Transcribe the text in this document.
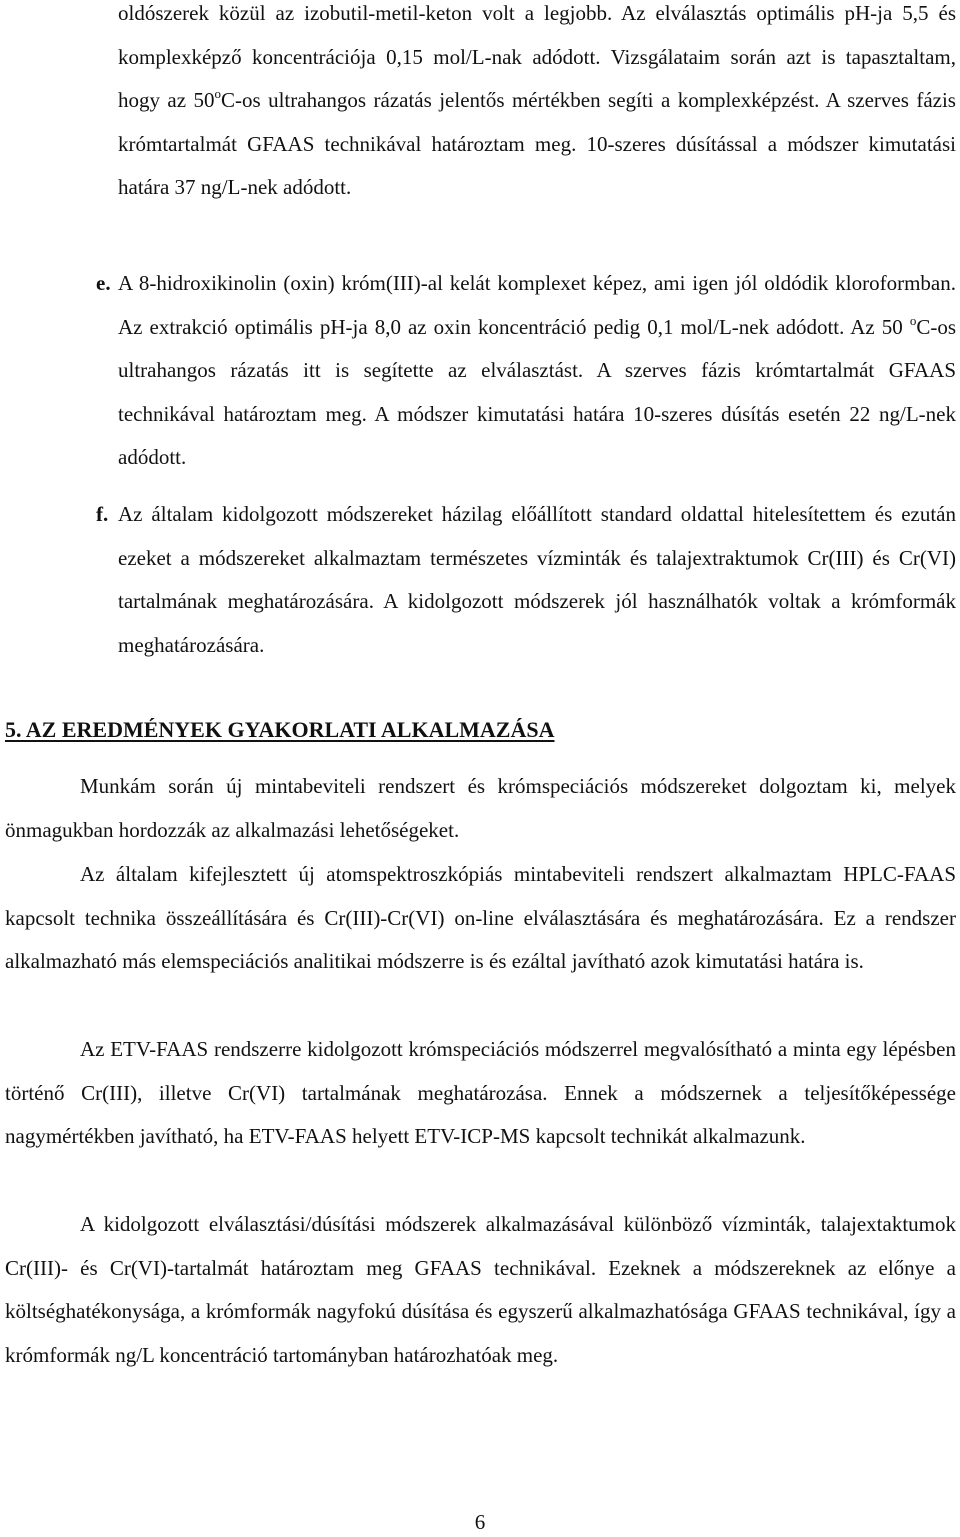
oldószerek közül az izobutil-metil-keton volt a legjobb. Az elválasztás optimális pH-ja 5,5 és komplexképző koncentrációja 0,15 mol/L-nak adódott. Vizsgálataim során azt is tapasztaltam, hogy az 50$^o$C-os ultrahangos rázatás jelentős mértékben segíti a komplexképzést. A szerves fázis krómtartalmát GFAAS technikával határoztam meg. 10-szeres dúsítással a módszer kimutatási határa 37 ng/L-nek adódott.

e. A 8-hidroxikinolin (oxin) króm(III)-al kelát komplexet képez, ami igen jól oldódik kloroformban. Az extrakció optimális pH-ja 8,0 az oxin koncentráció pedig 0,1 mol/L-nek adódott. Az 50 $^o$C-os ultrahangos rázatás itt is segítette az elválasztást. A szerves fázis krómtartalmát GFAAS technikával határoztam meg. A módszer kimutatási határa 10-szeres dúsítás esetén 22 ng/L-nek adódott.

f. Az általam kidolgozott módszereket házilag előállított standard oldattal hitelesítettem és ezután ezeket a módszereket alkalmaztam természetes vízminták és talajextraktumok Cr(III) és Cr(VI) tartalmának meghatározására. A kidolgozott módszerek jól használhatók voltak a krómformák meghatározására.

5. AZ EREDMÉNYEK GYAKORLATI ALKALMAZÁSA

Munkám során új mintabeviteli rendszert és krómspeciációs módszereket dolgoztam ki, melyek önmagukban hordozzák az alkalmazási lehetőségeket.

Az általam kifejlesztett új atomspektroszkópiás mintabeviteli rendszert alkalmaztam HPLC-FAAS kapcsolt technika összeállítására és Cr(III)-Cr(VI) on-line elválasztására és meghatározására. Ez a rendszer alkalmazható más elemspeciációs analitikai módszerre is és ezáltal javítható azok kimutatási határa is.

Az ETV-FAAS rendszerre kidolgozott krómspeciációs módszerrel megvalósítható a minta egy lépésben történő Cr(III), illetve Cr(VI) tartalmának meghatározása. Ennek a módszernek a teljesítőképessége nagymértékben javítható, ha ETV-FAAS helyett ETV-ICP-MS kapcsolt technikát alkalmazunk.

A kidolgozott elválasztási/dúsítási módszerek alkalmazásával különböző vízminták, talajextaktumok Cr(III)- és Cr(VI)-tartalmát határoztam meg GFAAS technikával. Ezeknek a módszereknek az előnye a költséghatékonysága, a krómformák nagyfokú dúsítása és egyszerű alkalmazhatósága GFAAS technikával, így a krómformák ng/L koncentráció tartományban határozhatóak meg.

6
